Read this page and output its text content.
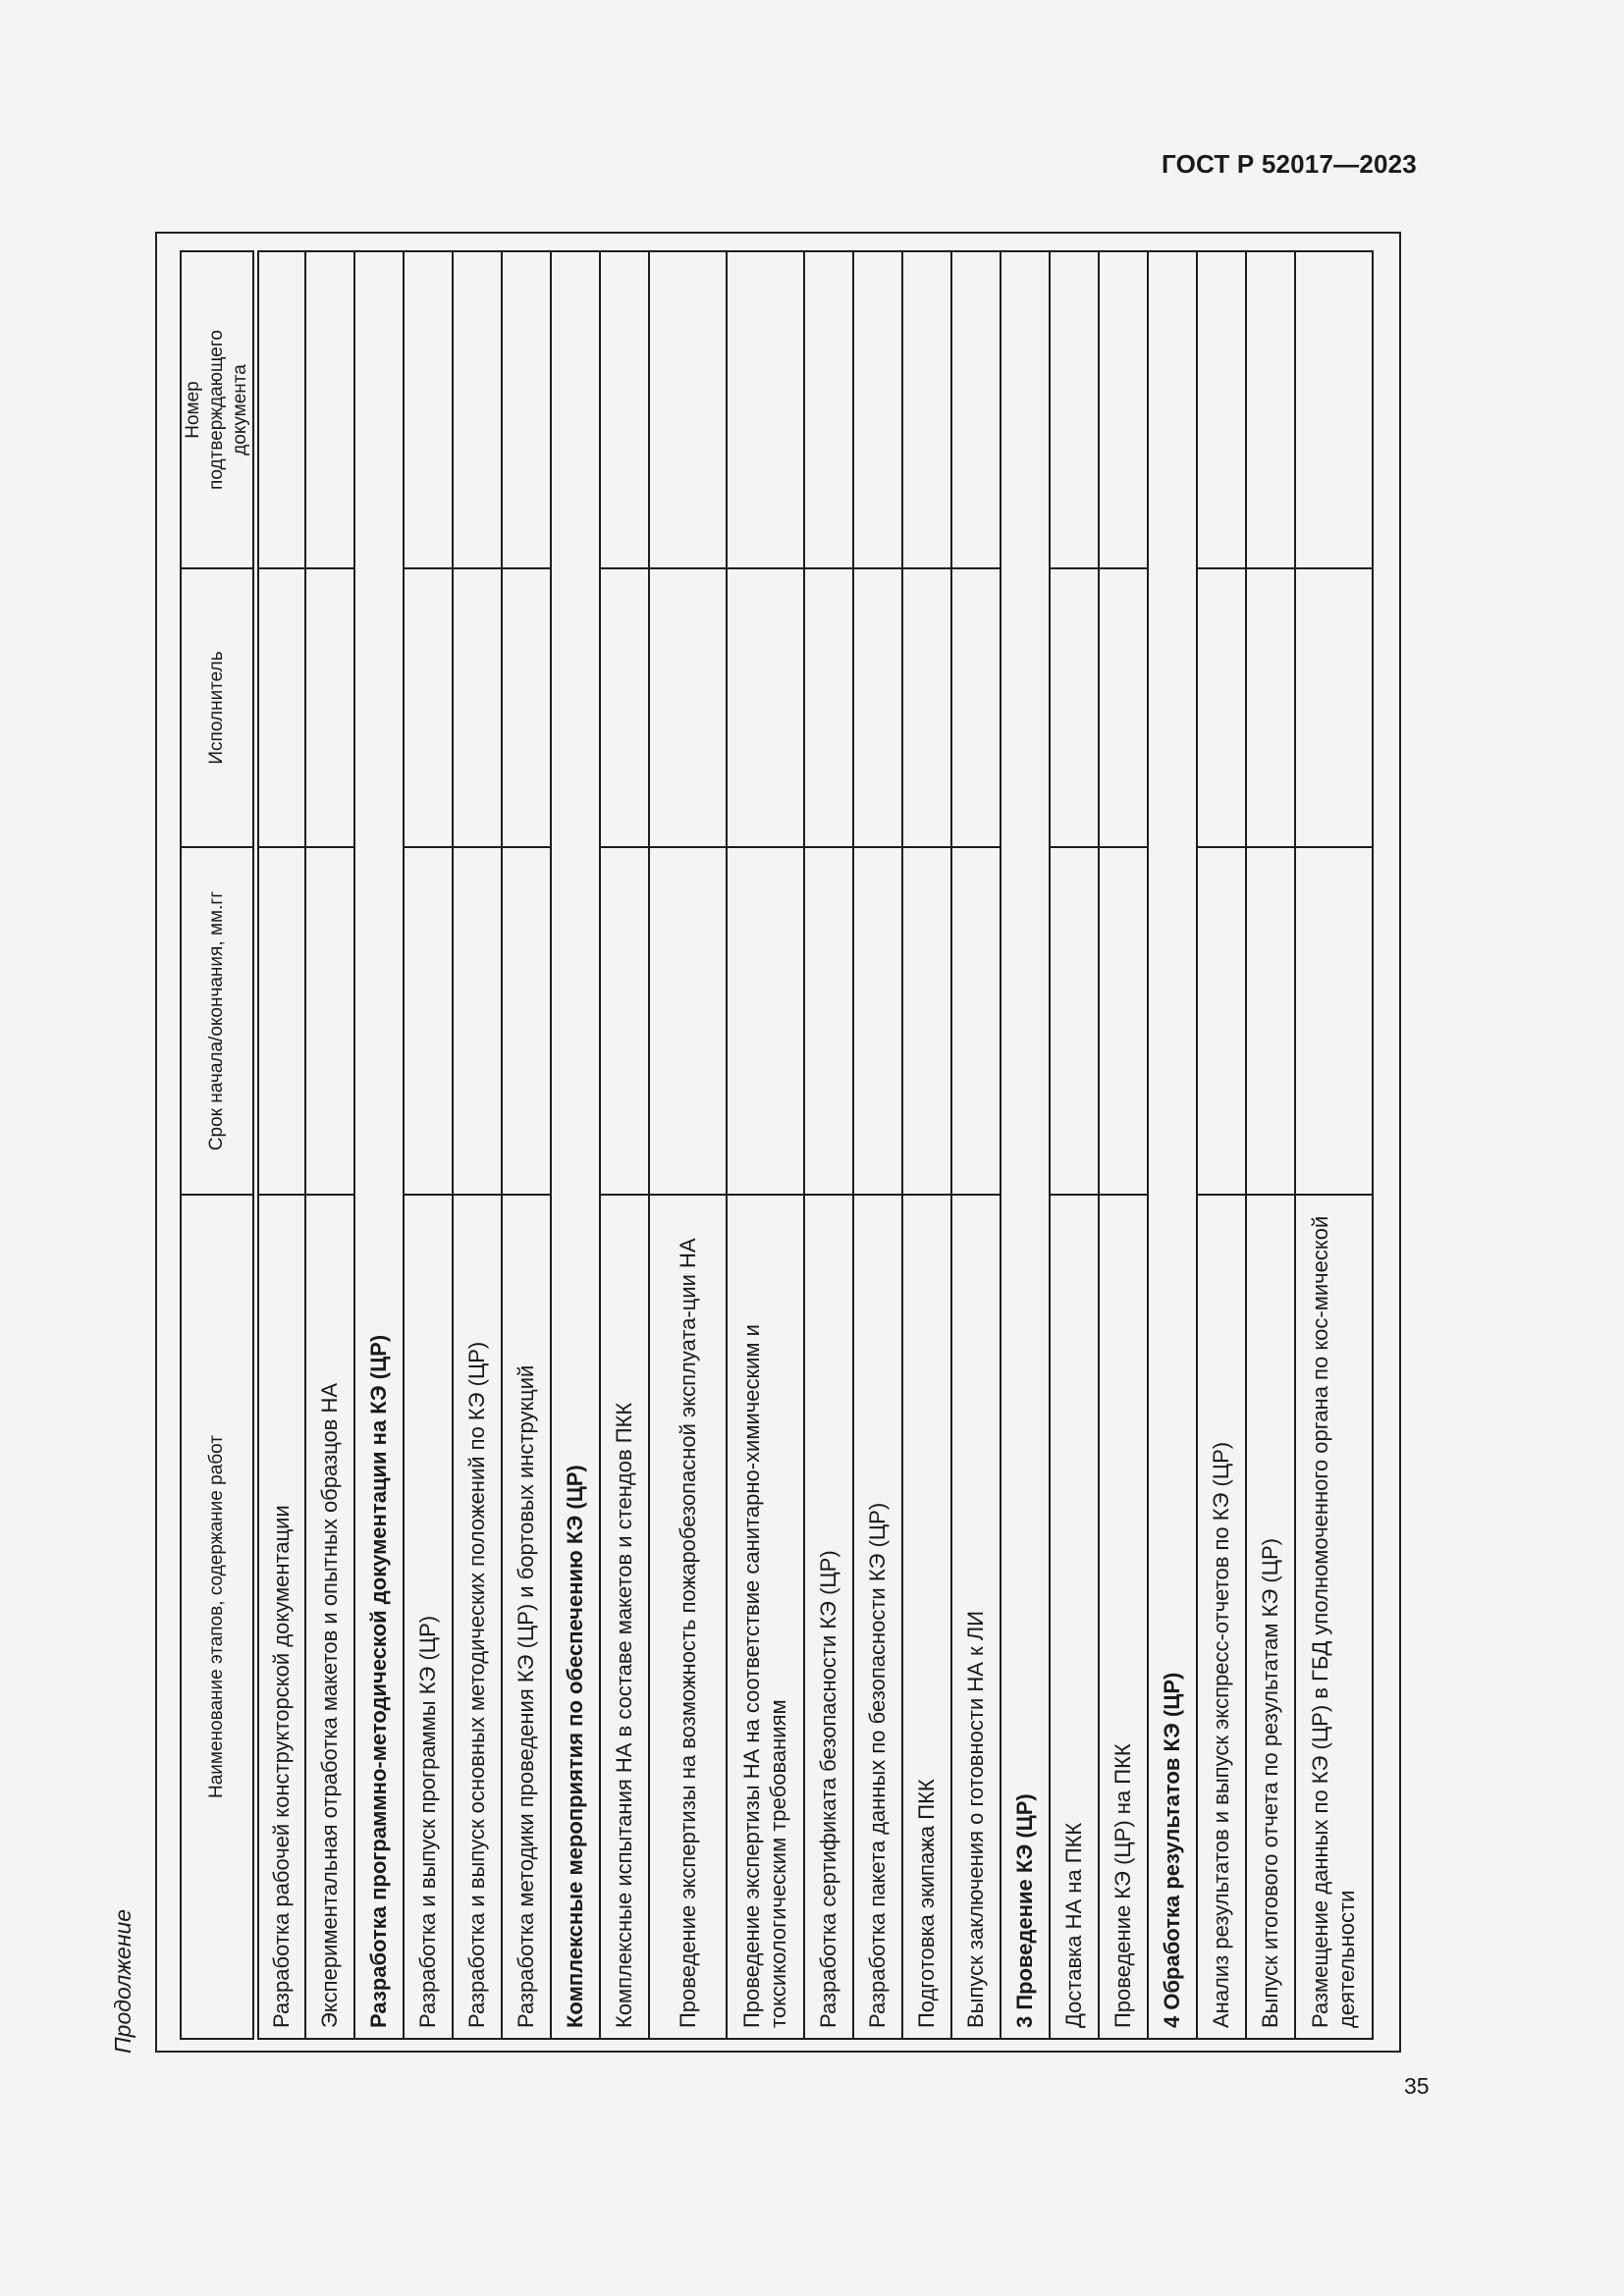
ГОСТ Р 52017—2023
Продолжение
Наименование этапов, содержание работ	Срок начала/окончания, мм.гг	Исполнитель	Номер подтверждающего документа
Разработка рабочей конструкторской документации			
Экспериментальная отработка макетов и опытных образцов НА			
Разработка программно-методической документации на КЭ (ЦР)			
Разработка и выпуск программы КЭ (ЦР)			
Разработка и выпуск основных методических положений по КЭ (ЦР)			
Разработка методики проведения КЭ (ЦР) и бортовых инструкций			
Комплексные мероприятия по обеспечению КЭ (ЦР)			
Комплексные испытания НА в составе макетов и стендов ПКК			
Проведение экспертизы на возможность пожаробезопасной эксплуата-ции НА			
Проведение экспертизы НА на соответствие санитарно-химическим и токсикологическим требованиям			
Разработка сертификата безопасности КЭ (ЦР)			
Разработка пакета данных по безопасности КЭ (ЦР)			
Подготовка экипажа ПКК			
Выпуск заключения о готовности НА к ЛИ			
3 Проведение КЭ (ЦР)			
Доставка НА на ПКК			
Проведение КЭ (ЦР) на ПКК			
4 Обработка результатов КЭ (ЦР)			
Анализ результатов и выпуск экспресс-отчетов по КЭ (ЦР)			
Выпуск итогового отчета по результатам КЭ (ЦР)			
Размещение данных по КЭ (ЦР) в ГБД уполномоченного органа по кос-мической деятельности			
35
